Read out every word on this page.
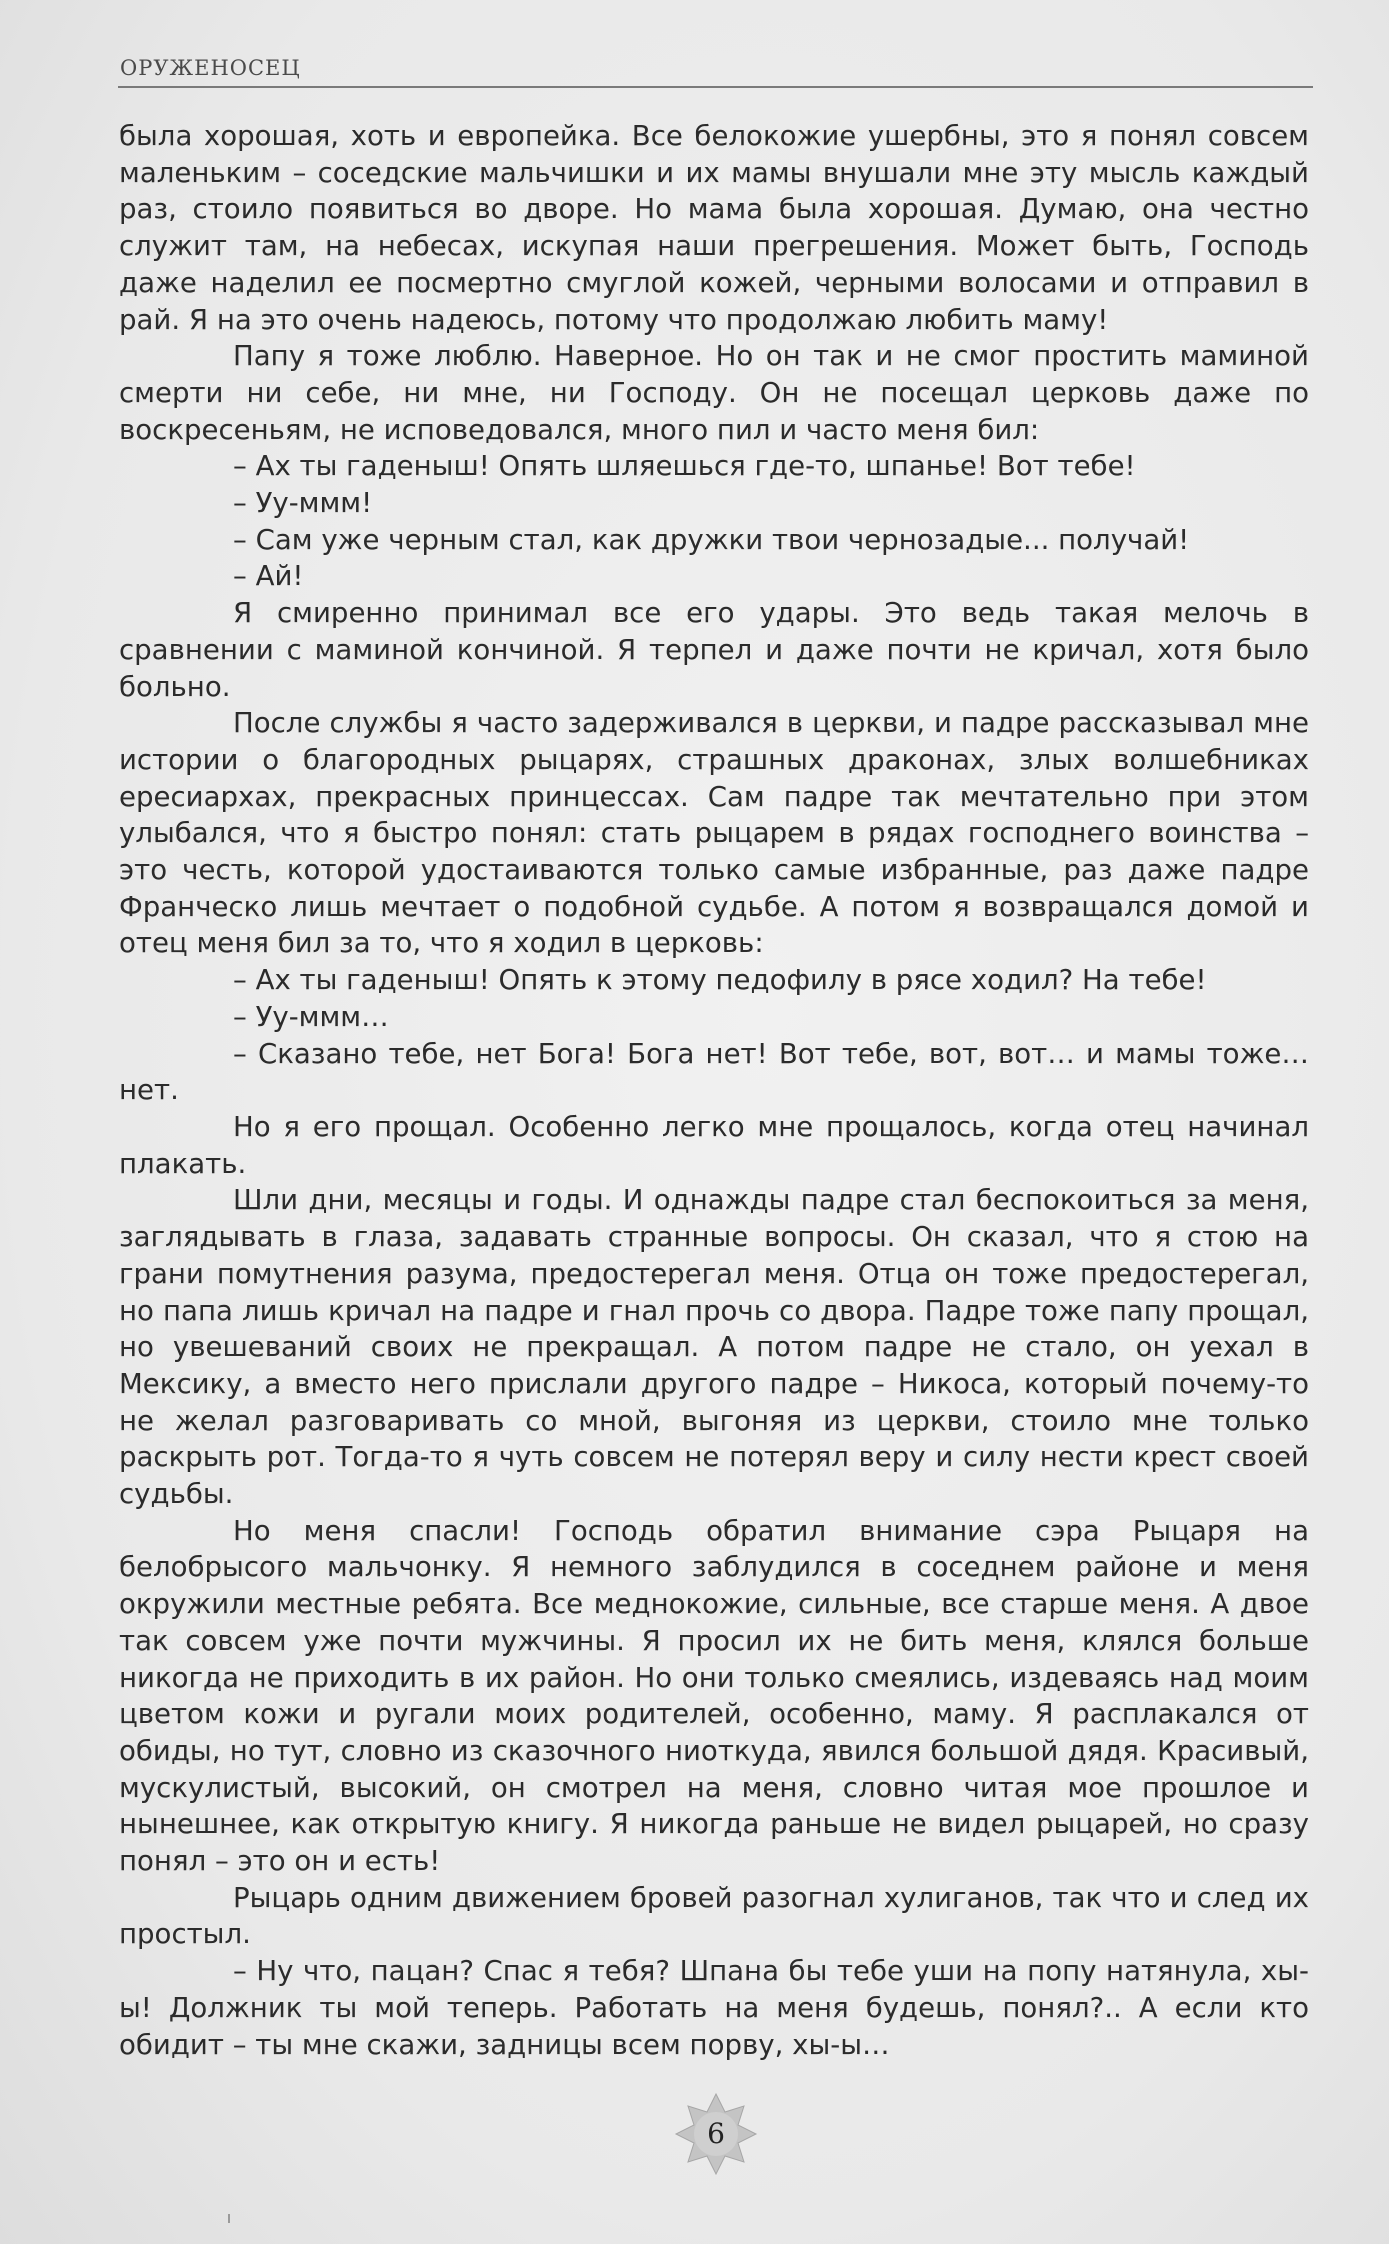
ОРУЖЕНОСЕЦ

была хорошая, хоть и европейка. Все белокожие ушербны, это я понял совсем маленьким – соседские мальчишки и их мамы внушали мне эту мысль каждый раз, стоило появиться во дворе. Но мама была хорошая. Думаю, она честно служит там, на небесах, искупая наши прегрешения. Может быть, Господь даже наделил ее посмертно смуглой кожей, черными волосами и отправил в рай. Я на это очень надеюсь, потому что продолжаю любить маму!

Папу я тоже люблю. Наверное. Но он так и не смог простить маминой смерти ни себе, ни мне, ни Господу. Он не посещал церковь даже по воскресеньям, не исповедовался, много пил и часто меня бил:

– Ах ты гаденыш! Опять шляешься где-то, шпанье! Вот тебе!

– Уу-ммм!

– Сам уже черным стал, как дружки твои чернозадые... получай!

– Ай!

Я смиренно принимал все его удары. Это ведь такая мелочь в сравнении с маминой кончиной. Я терпел и даже почти не кричал, хотя было больно.

После службы я часто задерживался в церкви, и падре рассказывал мне истории о благородных рыцарях, страшных драконах, злых волшебниках ересиархах, прекрасных принцессах. Сам падре так мечтательно при этом улыбался, что я быстро понял: стать рыцарем в рядах господнего воинства – это честь, которой удостаиваются только самые избранные, раз даже падре Франческо лишь мечтает о подобной судьбе. А потом я возвращался домой и отец меня бил за то, что я ходил в церковь:

– Ах ты гаденыш! Опять к этому педофилу в рясе ходил? На тебе!

– Уу-ммм…

– Сказано тебе, нет Бога! Бога нет! Вот тебе, вот, вот… и мамы тоже… нет.

Но я его прощал. Особенно легко мне прощалось, когда отец начинал плакать.

Шли дни, месяцы и годы. И однажды падре стал беспокоиться за меня, заглядывать в глаза, задавать странные вопросы. Он сказал, что я стою на грани помутнения разума, предостерегал меня. Отца он тоже предостерегал, но папа лишь кричал на падре и гнал прочь со двора. Падре тоже папу прощал, но увешеваний своих не прекращал. А потом падре не стало, он уехал в Мексику, а вместо него прислали другого падре – Никоса, который почему-то не желал разговаривать со мной, выгоняя из церкви, стоило мне только раскрыть рот. Тогда-то я чуть совсем не потерял веру и силу нести крест своей судьбы.

Но меня спасли! Господь обратил внимание сэра Рыцаря на белобрысого мальчонку. Я немного заблудился в соседнем районе и меня окружили местные ребята. Все меднокожие, сильные, все старше меня. А двое так совсем уже почти мужчины. Я просил их не бить меня, клялся больше никогда не приходить в их район. Но они только смеялись, издеваясь над моим цветом кожи и ругали моих родителей, особенно, маму. Я расплакался от обиды, но тут, словно из сказочного ниоткуда, явился большой дядя. Красивый, мускулистый, высокий, он смотрел на меня, словно читая мое прошлое и нынешнее, как открытую книгу. Я никогда раньше не видел рыцарей, но сразу понял – это он и есть!

Рыцарь одним движением бровей разогнал хулиганов, так что и след их простыл.

– Ну что, пацан? Спас я тебя? Шпана бы тебе уши на попу натянула, хы-ы! Должник ты мой теперь. Работать на меня будешь, понял?.. А если кто обидит – ты мне скажи, задницы всем порву, хы-ы…

6
